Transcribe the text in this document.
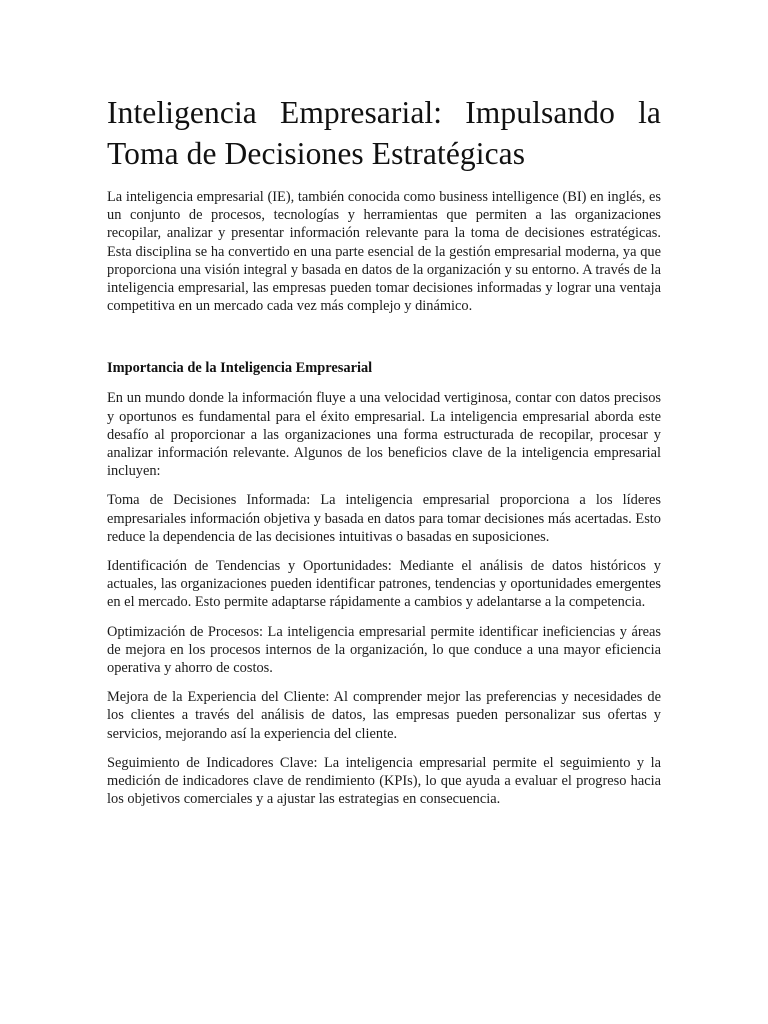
Inteligencia Empresarial: Impulsando la Toma de Decisiones Estratégicas

La inteligencia empresarial (IE), también conocida como business intelligence (BI) en inglés, es un conjunto de procesos, tecnologías y herramientas que permiten a las organizaciones recopilar, analizar y presentar información relevante para la toma de decisiones estratégicas. Esta disciplina se ha convertido en una parte esencial de la gestión empresarial moderna, ya que proporciona una visión integral y basada en datos de la organización y su entorno. A través de la inteligencia empresarial, las empresas pueden tomar decisiones informadas y lograr una ventaja competitiva en un mercado cada vez más complejo y dinámico.

Importancia de la Inteligencia Empresarial

En un mundo donde la información fluye a una velocidad vertiginosa, contar con datos precisos y oportunos es fundamental para el éxito empresarial. La inteligencia empresarial aborda este desafío al proporcionar a las organizaciones una forma estructurada de recopilar, procesar y analizar información relevante. Algunos de los beneficios clave de la inteligencia empresarial incluyen:

Toma de Decisiones Informada: La inteligencia empresarial proporciona a los líderes empresariales información objetiva y basada en datos para tomar decisiones más acertadas. Esto reduce la dependencia de las decisiones intuitivas o basadas en suposiciones.

Identificación de Tendencias y Oportunidades: Mediante el análisis de datos históricos y actuales, las organizaciones pueden identificar patrones, tendencias y oportunidades emergentes en el mercado. Esto permite adaptarse rápidamente a cambios y adelantarse a la competencia.

Optimización de Procesos: La inteligencia empresarial permite identificar ineficiencias y áreas de mejora en los procesos internos de la organización, lo que conduce a una mayor eficiencia operativa y ahorro de costos.

Mejora de la Experiencia del Cliente: Al comprender mejor las preferencias y necesidades de los clientes a través del análisis de datos, las empresas pueden personalizar sus ofertas y servicios, mejorando así la experiencia del cliente.

Seguimiento de Indicadores Clave: La inteligencia empresarial permite el seguimiento y la medición de indicadores clave de rendimiento (KPIs), lo que ayuda a evaluar el progreso hacia los objetivos comerciales y a ajustar las estrategias en consecuencia.
